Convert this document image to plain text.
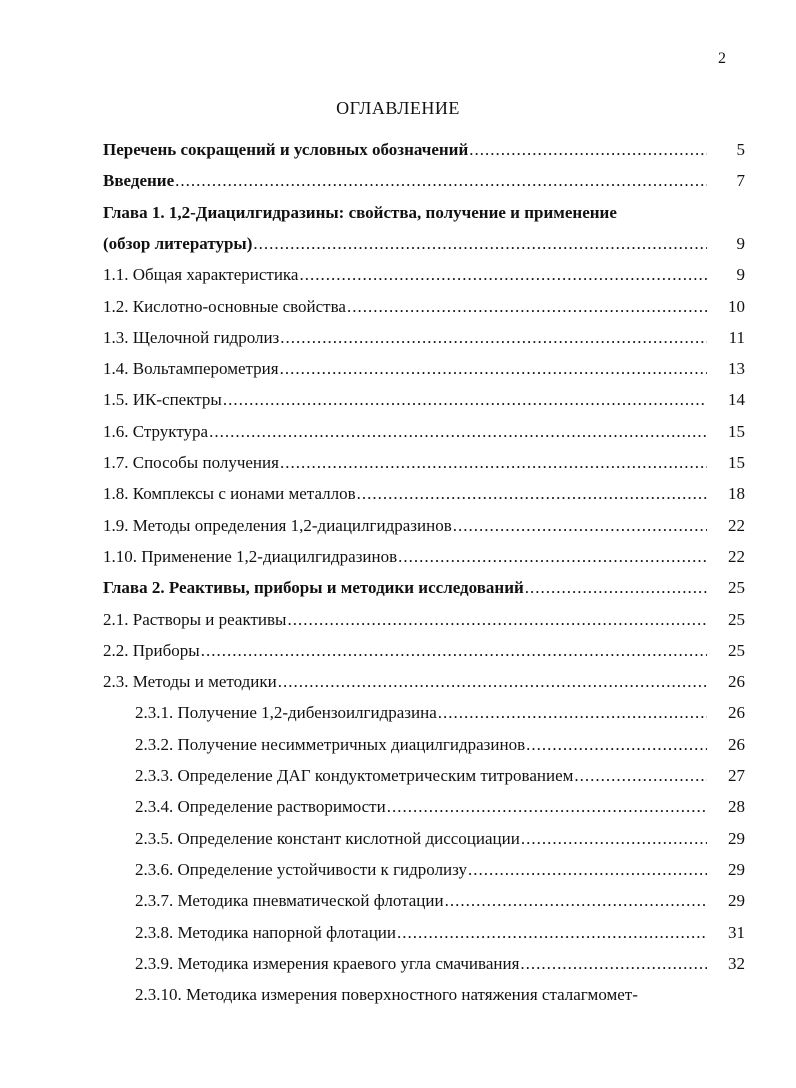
2
ОГЛАВЛЕНИЕ
Перечень сокращений и условных обозначений .....	5
Введение .....	7
Глава 1. 1,2-Диацилгидразины: свойства, получение и применение
(обзор литературы) .....	9
1.1. Общая характеристика .....	9
1.2. Кислотно-основные свойства .....	10
1.3. Щелочной гидролиз .....	11
1.4. Вольтамперометрия .....	13
1.5. ИК-спектры .....	14
1.6. Структура .....	15
1.7. Способы получения .....	15
1.8. Комплексы с ионами металлов .....	18
1.9. Методы определения 1,2-диацилгидразинов .....	22
1.10. Применение 1,2-диацилгидразинов .....	22
Глава 2. Реактивы, приборы и методики исследований .....	25
2.1. Растворы и реактивы .....	25
2.2. Приборы .....	25
2.3. Методы и методики .....	26
2.3.1. Получение 1,2-дибензоилгидразина .....	26
2.3.2. Получение несимметричных диацилгидразинов .....	26
2.3.3. Определение ДАГ кондуктометрическим титрованием .....	27
2.3.4. Определение растворимости .....	28
2.3.5. Определение констант кислотной диссоциации .....	29
2.3.6. Определение устойчивости к гидролизу .....	29
2.3.7. Методика пневматической флотации .....	29
2.3.8. Методика напорной флотации .....	31
2.3.9. Методика измерения краевого угла смачивания .....	32
2.3.10. Методика измерения поверхностного натяжения сталагмомет-
